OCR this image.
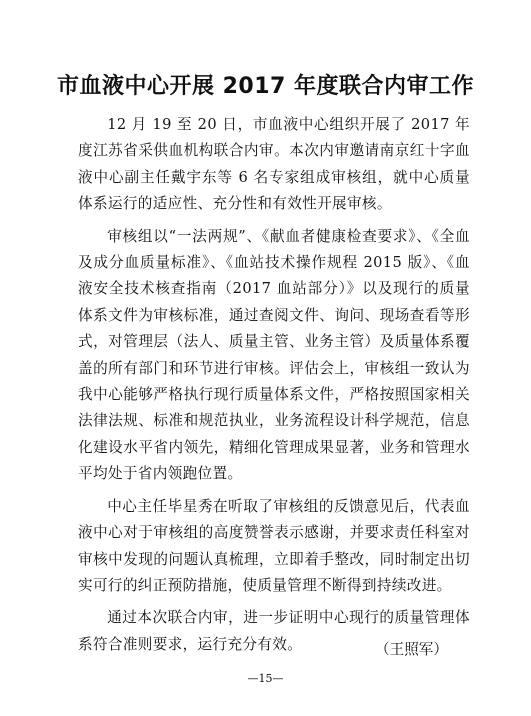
市血液中心开展 2017 年度联合内审工作

12 月 19 至 20 日，市血液中心组织开展了 2017 年度江苏省采供血机构联合内审。本次内审邀请南京红十字血液中心副主任戴宇东等 6 名专家组成审核组，就中心质量体系运行的适应性、充分性和有效性开展审核。

审核组以“一法两规”、《献血者健康检查要求》、《全血及成分血质量标准》、《血站技术操作规程 2015 版》、《血液安全技术核查指南（2017 血站部分）》以及现行的质量体系文件为审核标准，通过查阅文件、询问、现场查看等形式，对管理层（法人、质量主管、业务主管）及质量体系覆盖的所有部门和环节进行审核。评估会上，审核组一致认为我中心能够严格执行现行质量体系文件，严格按照国家相关法律法规、标准和规范执业，业务流程设计科学规范，信息化建设水平省内领先，精细化管理成果显著，业务和管理水平均处于省内领跑位置。

中心主任毕星秀在听取了审核组的反馈意见后，代表血液中心对于审核组的高度赞誉表示感谢，并要求责任科室对审核中发现的问题认真梳理，立即着手整改，同时制定出切实可行的纠正预防措施，使质量管理不断得到持续改进。

通过本次联合内审，进一步证明中心现行的质量管理体系符合准则要求，运行充分有效。	（王照军）

—15—
